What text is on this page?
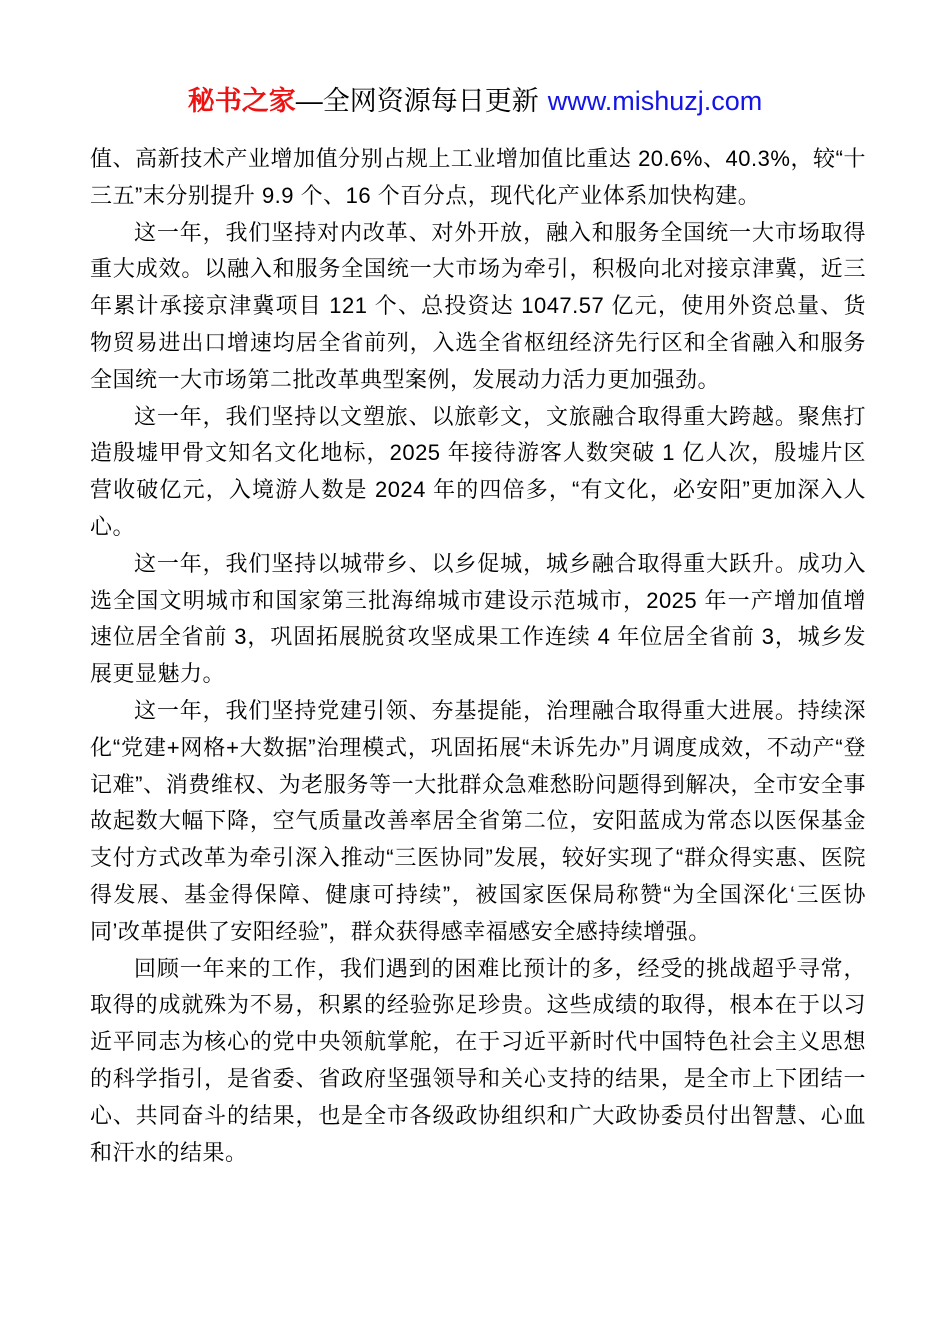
秘书之家—全网资源每日更新 www.mishuzj.com

值、高新技术产业增加值分别占规上工业增加值比重达 20.6%、40.3%，较“十三五”末分别提升 9.9 个、16 个百分点，现代化产业体系加快构建。

这一年，我们坚持对内改革、对外开放，融入和服务全国统一大市场取得重大成效。以融入和服务全国统一大市场为牵引，积极向北对接京津冀，近三年累计承接京津冀项目 121 个、总投资达 1047.57 亿元，使用外资总量、货物贸易进出口增速均居全省前列，入选全省枢纽经济先行区和全省融入和服务全国统一大市场第二批改革典型案例，发展动力活力更加强劲。

这一年，我们坚持以文塑旅、以旅彰文，文旅融合取得重大跨越。聚焦打造殷墟甲骨文知名文化地标，2025 年接待游客人数突破 1 亿人次，殷墟片区营收破亿元，入境游人数是 2024 年的四倍多，“有文化，必安阳”更加深入人心。

这一年，我们坚持以城带乡、以乡促城，城乡融合取得重大跃升。成功入选全国文明城市和国家第三批海绵城市建设示范城市，2025 年一产增加值增速位居全省前 3，巩固拓展脱贫攻坚成果工作连续 4 年位居全省前 3，城乡发展更显魅力。

这一年，我们坚持党建引领、夯基提能，治理融合取得重大进展。持续深化“党建+网格+大数据”治理模式，巩固拓展“未诉先办”月调度成效，不动产“登记难”、消费维权、为老服务等一大批群众急难愁盼问题得到解决，全市安全事故起数大幅下降，空气质量改善率居全省第二位，安阳蓝成为常态以医保基金支付方式改革为牵引深入推动“三医协同”发展，较好实现了“群众得实惠、医院得发展、基金得保障、健康可持续”，被国家医保局称赞“为全国深化‘三医协同’改革提供了安阳经验”，群众获得感幸福感安全感持续增强。

回顾一年来的工作，我们遇到的困难比预计的多，经受的挑战超乎寻常，取得的成就殊为不易，积累的经验弥足珍贵。这些成绩的取得，根本在于以习近平同志为核心的党中央领航掌舵，在于习近平新时代中国特色社会主义思想的科学指引，是省委、省政府坚强领导和关心支持的结果，是全市上下团结一心、共同奋斗的结果，也是全市各级政协组织和广大政协委员付出智慧、心血和汗水的结果。
